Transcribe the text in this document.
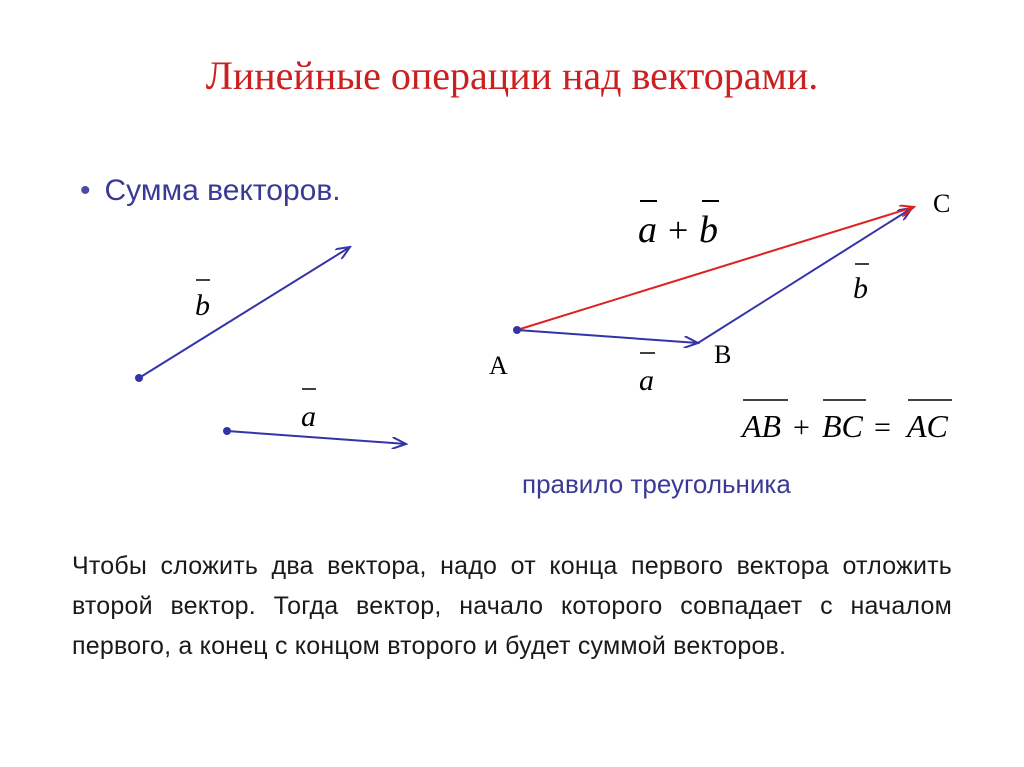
Линейные операции над векторами.
• Сумма векторов.
b
a
A	B
C
a
b
a + b
AB + BC = AC
правило треугольника
Чтобы сложить два вектора, надо от конца первого вектора отложить второй вектор. Тогда вектор, начало которого совпадает с началом первого, а конец с концом второго и будет суммой векторов.
